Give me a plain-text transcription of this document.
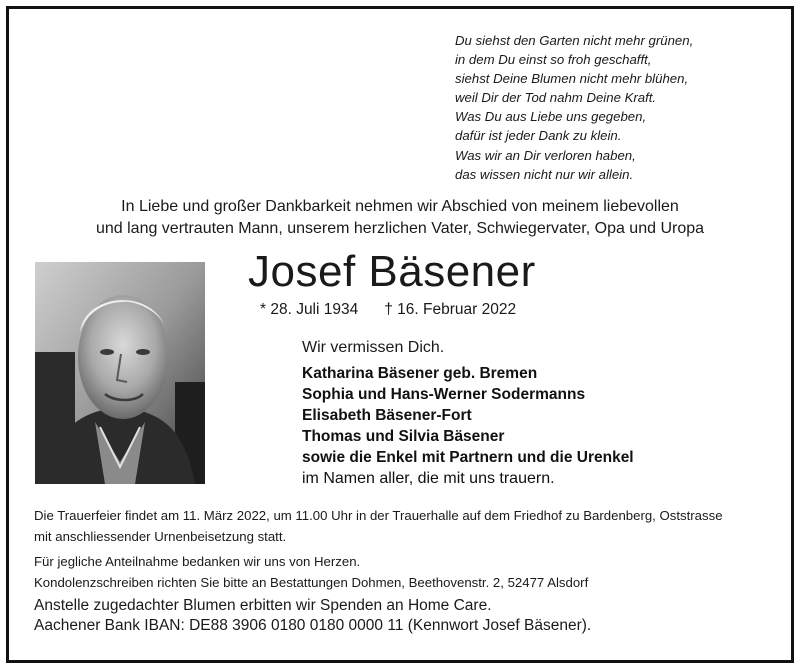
Du siehst den Garten nicht mehr grünen,
in dem Du einst so froh geschafft,
siehst Deine Blumen nicht mehr blühen,
weil Dir der Tod nahm Deine Kraft.
Was Du aus Liebe uns gegeben,
dafür ist jeder Dank zu klein.
Was wir an Dir verloren haben,
das wissen nicht nur wir allein.
In Liebe und großer Dankbarkeit nehmen wir Abschied von meinem liebevollen
und lang vertrauten Mann, unserem herzlichen Vater, Schwiegervater, Opa und Uropa
Josef Bäsener
* 28. Juli 1934 † 16. Februar 2022
Wir vermissen Dich.
Katharina Bäsener geb. Bremen
Sophia und Hans-Werner Sodermanns
Elisabeth Bäsener-Fort
Thomas und Silvia Bäsener
sowie die Enkel mit Partnern und die Urenkel
im Namen aller, die mit uns trauern.
Die Trauerfeier findet am 11. März 2022, um 11.00 Uhr in der Trauerhalle auf dem Friedhof zu Bardenberg, Oststrasse
mit anschliessender Urnenbeisetzung statt.
Für jegliche Anteilnahme bedanken wir uns von Herzen.
Kondolenzschreiben richten Sie bitte an Bestattungen Dohmen, Beethovenstr. 2, 52477 Alsdorf
Anstelle zugedachter Blumen erbitten wir Spenden an Home Care.
Aachener Bank IBAN: DE88 3906 0180 0180 0000 11 (Kennwort Josef Bäsener).
